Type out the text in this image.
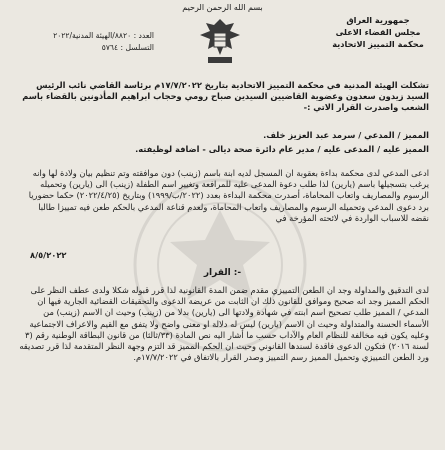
بسم الله الرحمن الرحيم
جمهورية العراق
مجلس القضاء الاعلى
محكمة التمييز الاتحادية
العدد : ٨٨٢٠/الهيئة المدنية/٢٠٢٢
التسلسل : ٥٧٦٤
تشكلت الهيئة المدنية في محكمة التمييز الاتحادية بتاريخ ١٧/٧/٢٠٢٢م برئاسة القاضي نائب الرئيس السيد زيدون سعدون وعضوية القاضيين السيدين صباح رومي وحجاب ابراهيم المأذونين بالقضاء باسم الشعب واصدرت القرار الاتي :-
المميز / المدعي / سرمد عبد العزيز خلف.
المميز عليه / المدعى عليه / مدير عام دائرة صحة ديالى - اضافة لوظيفته.
ادعى المدعي لدى محكمة بداءة بعقوبة ان المسجل لديه ابنة باسم (زينب) دون موافقته وتم تنظيم بيان ولادة لها وانه يرغب بتسجيلها باسم (يارين) لذا طلب دعوة المدعى عليه للمرافعة وتغيير اسم الطفلة (زينب) الى (يارين) وتحميله الرسوم والمصاريف واتعاب المحاماة، أصدرت محكمة البداءة بعدد (٢٠٢٢/ب/١٩٩٩) وبتاريخ (٢٠٢٢/٤/٢٥) حكما حضوريا برد دعوى المدعي وتحميله الرسوم والمصاريف واتعاب المحاماة، ولعدم قناعة المدعي بالحكم طعن فيه تمييزا طالبا نقضه للاسباب الواردة في لائحته المؤرخة في
٨/٥/٢٠٢٢
القرار :-
لدى التدقيق والمداولة وجد ان الطعن التمييزي مقدم ضمن المدة القانونية لذا قرر قبوله شكلا ولدى عطف النظر على الحكم المميز وجد انه صحيح وموافق للقانون ذلك ان الثابت من عريضة الدعوى والتحقيقات القضائية الجارية فيها ان المدعي / المميز طلب تصحيح اسم ابنته في شهادة ولادتها الى (يارين) بدلا من (زينب) وحيث ان الاسم (زينب) من الأسماء الحسنة والمتداولة وحيث ان الاسم (يارين) ليس له دلالة او معنى واضح ولا يتفق مع القيم والاعراف الاجتماعية وعليه يكون فيه مخالفة للنظام العام والآداب حسب ما أشار اليه نص المادة (٣٣/ثالثا) من قانون البطاقة الوطنية رقم (٣ لسنة ٢٠١٦) فتكون الدعوى فاقدة لسندها القانوني وحيث ان الحكم المميز قد التزم وجهة النظر المتقدمة لذا قرر تصديقه ورد الطعن التمييزي وتحميل المميز رسم التمييز وصدر القرار بالاتفاق في ١٧/٧/٢٠٢٢م.
